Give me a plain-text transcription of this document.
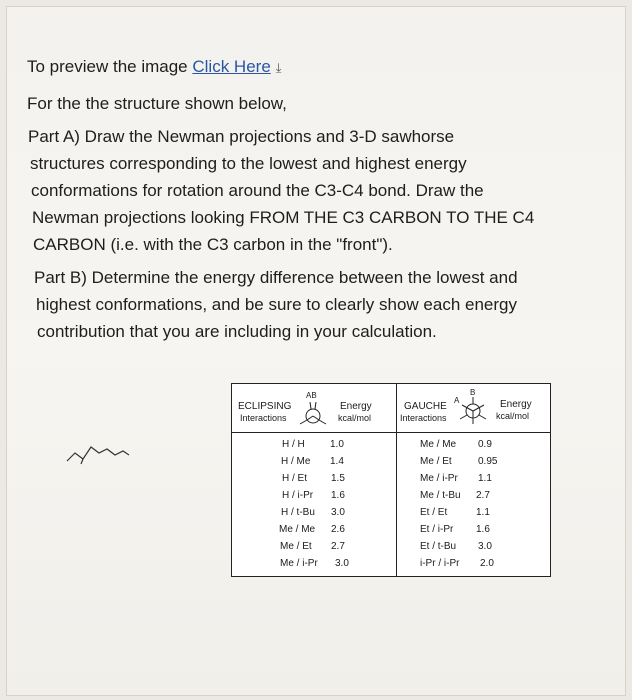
To preview the image Click Here ⤓
For the the structure shown below,
Part A) Draw the Newman projections and 3-D sawhorse
structures corresponding to the lowest and highest energy
conformations for rotation around the C3-C4 bond. Draw the
Newman projections looking FROM THE C3 CARBON TO THE C4
CARBON (i.e. with the C3 carbon in the "front").
Part B) Determine the energy difference between the lowest and
highest conformations, and be sure to clearly show each energy
contribution that you are including in your calculation.
ECLIPSING
Interactions
AB
Energy
kcal/mol
GAUCHE
A
B
Interactions
Energy
kcal/mol
H / H	1.0
H / Me 1.4
H / Et 1.5
H / i-Pr 1.6
H / t-Bu 3.0
Me / Me 2.6
Me / Et 2.7
Me / i-Pr 3.0
Me / Me 0.9
Me / Et	0.95
Me / i-Pr 1.1
Me / t-Bu 2.7
Et / Et	1.1
Et / i-Pr 1.6
Et / t-Bu 3.0
i-Pr / i-Pr 2.0
